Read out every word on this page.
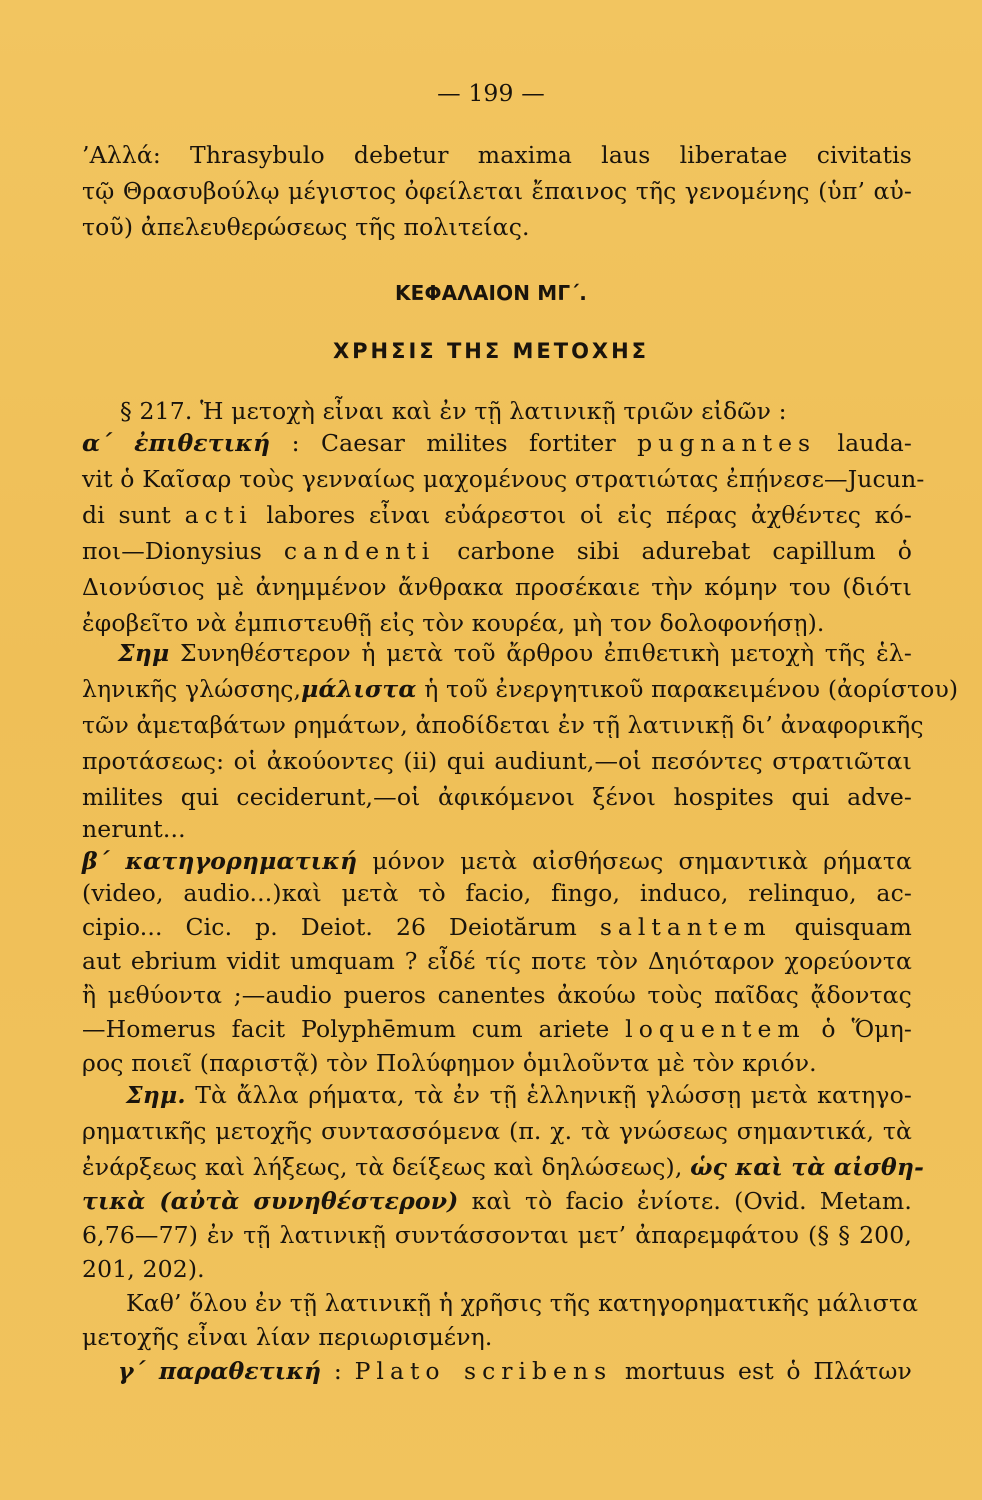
— 199 —
’Αλλά: Thrasybulo debetur maxima laus liberatae civitatis
τῷ Θρασυβούλῳ μέγιστος ὀφείλεται ἔπαινος τῆς γενομένης (ὑπ’ αὐ-
τοῦ) ἀπελευθερώσεως τῆς πολιτείας.
ΚΕΦΑΛΑΙΟΝ ΜΓ΄.
ΧΡΗΣΙΣ ΤΗΣ ΜΕΤΟΧΗΣ
§ 217. Ἡ μετοχὴ εἶναι καὶ ἐν τῇ λατινικῇ τριῶν εἰδῶν :
α΄ ἐπιθετική : Caesar milites fortiter pugnantes lauda-
vit ὁ Καῖσαρ τοὺς γενναίως μαχομένους στρατιώτας ἐπῄνεσε—Jucun-
di sunt acti labores εἶναι εὐάρεστοι οἱ εἰς πέρας ἀχθέντες κό-
ποι—Dionysius candenti carbone sibi adurebat capillum ὁ
Διονύσιος μὲ ἀνημμένον ἄνθρακα προσέκαιε τὴν κόμην του (διότι
ἐφοβεῖτο νὰ ἐμπιστευθῇ εἰς τὸν κουρέα, μὴ τον δολοφονήσῃ).
Σημ Συνηθέστερον ἡ μετὰ τοῦ ἄρθρου ἐπιθετικὴ μετοχὴ τῆς ἑλ-
ληνικῆς γλώσσης,μάλιστα ἡ τοῦ ἐνεργητικοῦ παρακειμένου (ἀορίστου)
τῶν ἀμεταβάτων ρημάτων, ἀποδίδεται ἐν τῇ λατινικῇ δι’ ἀναφορικῆς
προτάσεως: οἱ ἀκούοντες (ii) qui audiunt,—οἱ πεσόντες στρατιῶται
milites qui ceciderunt,—οἱ ἀφικόμενοι ξένοι hospites qui adve-
nerunt...
β΄ κατηγορηματική μόνον μετὰ αἰσθήσεως σημαντικὰ ρήματα
(video, audio...)καὶ μετὰ τὸ facio, fingo, induco, relinquo, ac-
cipio... Cic. p. Deiot. 26 Deiotărum saltantem quisquam
aut ebrium vidit umquam ? εἶδέ τίς ποτε τὸν Δηιόταρον χορεύοντα
ἢ μεθύοντα ;—audio pueros canentes ἀκούω τοὺς παῖδας ᾄδοντας
—Homerus facit Polyphēmum cum ariete loquentem ὁ Ὅμη-
ρος ποιεῖ (παριστᾷ) τὸν Πολύφημον ὁμιλοῦντα μὲ τὸν κριόν.
Σημ. Τὰ ἄλλα ρήματα, τὰ ἐν τῇ ἑλληνικῇ γλώσσῃ μετὰ κατηγο-
ρηματικῆς μετοχῆς συντασσόμενα (π. χ. τὰ γνώσεως σημαντικά, τὰ
ἐνάρξεως καὶ λήξεως, τὰ δείξεως καὶ δηλώσεως), ὡς καὶ τὰ αἰσθη-
τικὰ (αὐτὰ συνηθέστερον) καὶ τὸ facio ἐνίοτε. (Ovid. Metam.
6,76—77) ἐν τῇ λατινικῇ συντάσσονται μετ’ ἀπαρεμφάτου (§ § 200,
201, 202).
Καθ’ ὅλου ἐν τῇ λατινικῇ ἡ χρῆσις τῆς κατηγορηματικῆς μάλιστα
μετοχῆς εἶναι λίαν περιωρισμένη.
γ΄ παραθετική : Plato scribens mortuus est ὁ Πλάτων
